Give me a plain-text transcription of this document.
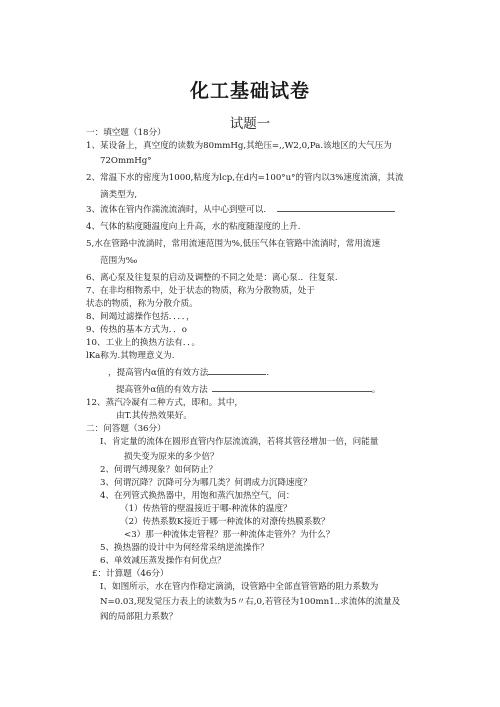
化工基础试卷
试题一
一：填空题（18分）
1、某设备上，真空度的读数为80mmHg,其绝压=,,W2,0,Pa.该地区的大气压为
72OmmHg°
2、常温下水的密度为1000,粘度为lcp,在d内=100°u°的管内以3%速度流滴，其流
滴类型为,
3、流体在管内作湍流流淌时，从中心到壁可以.
4、气体的粘度随温度向上升高，水的粘度随湿度的上升.
5,水在管路中流淌时，常用流速范围为%,低压气体在管路中流淌时，常用流速
范围为‰
6、离心泵及往复泵的启动及调整的不同之处是：离心泵.．往复泵.
7、在非均相物系中，处于状态的物质，称为分散物质，处于
状态的物质，称为分散介质。
8、间竭过滤操作包括．．．．，
9、传热的基本方式为．．o
10、工业上的换热方法有．．。
lKa称为.其物理意义为.
，提高管内α值的有效方法	.
提高管外α值的有效方法	。
12、蒸汽冷凝有二种方式，即和。其中，
由T.其传热效果好。
二：问答题（36分）
I、肯定量的流体在圆形直管内作层流流淌，若将其管径增加一倍，问能量
损失变为原来的多少倍？
2、何谓气缚现象？如何防止？
3、何谓沉降？沉降可分为哪几类？何谓成力沉降速度？
4、在列管式换热器中，用饱和蒸汽加热空气，问：
（1）传热管的壁温接近于哪-种流体的温度？
（2）传热系数K接近于哪一种流体的对潦传热膜系数？
<3）那一种流体走管程？那一种流体走管外？为什么？
5、换热器的设计中为何经常采纳逆流操作？
6、单效减压蒸发操作有何优点？
£：计算题（46分）
I、如图所示，水在管内作稳定滴淌，设管路中全部直管管路的阻力系数为
N=0.03,现发觉压力表上的读数为5〃右,0,若管径为100mn1..求流体的流量及
阀的局部阻力系数？
